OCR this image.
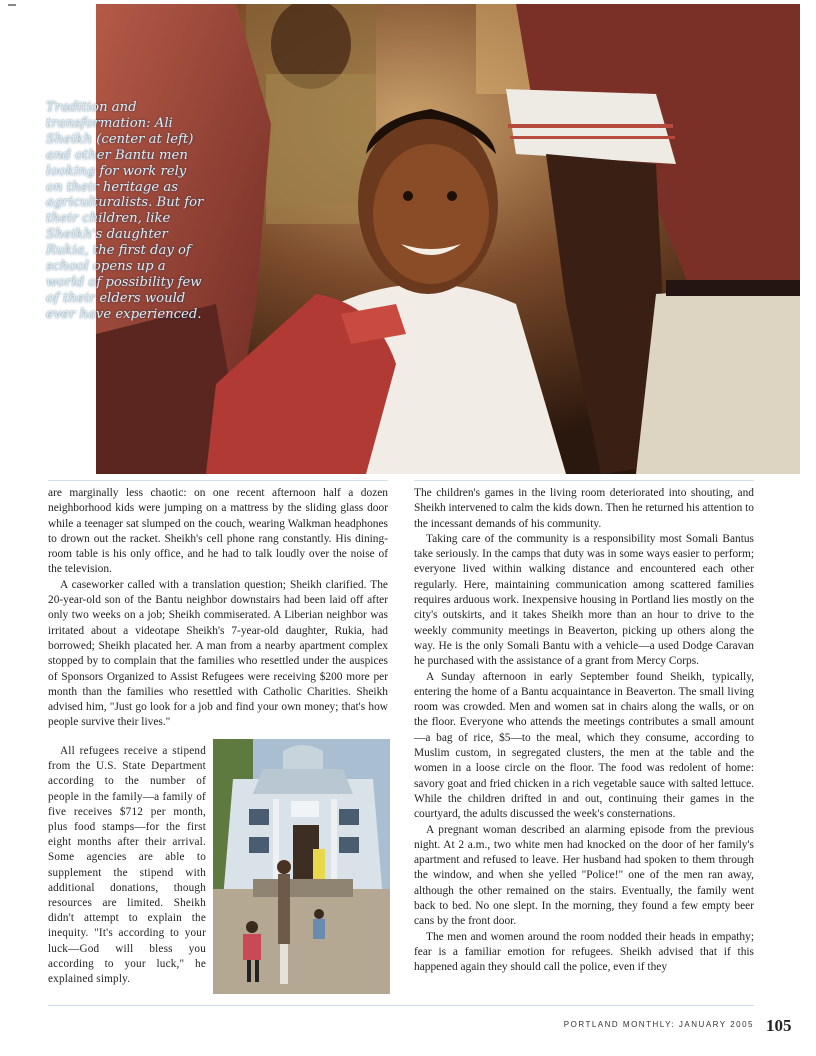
Tradition and transformation: Ali Sheikh (center at left) and other Bantu men looking for work rely on their heritage as agriculturalists. But for their children, like Sheikh's daughter Rukia, the first day of school opens up a world of possibility few of their elders would ever have experienced.

are marginally less chaotic: on one recent afternoon half a dozen neighborhood kids were jumping on a mattress by the sliding glass door while a teenager sat slumped on the couch, wearing Walkman headphones to drown out the racket. Sheikh's cell phone rang constantly. His dining-room table is his only office, and he had to talk loudly over the noise of the television.

A caseworker called with a translation question; Sheikh clarified. The 20-year-old son of the Bantu neighbor downstairs had been laid off after only two weeks on a job; Sheikh commiserated. A Liberian neighbor was irritated about a videotape Sheikh's 7-year-old daughter, Rukia, had borrowed; Sheikh placated her. A man from a nearby apartment complex stopped by to complain that the families who resettled under the auspices of Sponsors Organized to Assist Refugees were receiving $200 more per month than the families who resettled with Catholic Charities. Sheikh advised him, "Just go look for a job and find your own money; that's how people survive their lives."

All refugees receive a stipend from the U.S. State Department according to the number of people in the family—a family of five receives $712 per month, plus food stamps—for the first eight months after their arrival. Some agencies are able to supplement the stipend with additional donations, though resources are limited. Sheikh didn't attempt to explain the inequity. "It's according to your luck—God will bless you according to your luck," he explained simply.

The children's games in the living room deteriorated into shouting, and Sheikh intervened to calm the kids down. Then he returned his attention to the incessant demands of his community.

Taking care of the community is a responsibility most Somali Bantus take seriously. In the camps that duty was in some ways easier to perform; everyone lived within walking distance and encountered each other regularly. Here, maintaining communication among scattered families requires arduous work. Inexpensive housing in Portland lies mostly on the city's outskirts, and it takes Sheikh more than an hour to drive to the weekly community meetings in Beaverton, picking up others along the way. He is the only Somali Bantu with a vehicle—a used Dodge Caravan he purchased with the assistance of a grant from Mercy Corps.

A Sunday afternoon in early September found Sheikh, typically, entering the home of a Bantu acquaintance in Beaverton. The small living room was crowded. Men and women sat in chairs along the walls, or on the floor. Everyone who attends the meetings contributes a small amount—a bag of rice, $5—to the meal, which they consume, according to Muslim custom, in segregated clusters, the men at the table and the women in a loose circle on the floor. The food was redolent of home: savory goat and fried chicken in a rich vegetable sauce with salted lettuce. While the children drifted in and out, continuing their games in the courtyard, the adults discussed the week's consternations.

A pregnant woman described an alarming episode from the previous night. At 2 a.m., two white men had knocked on the door of her family's apartment and refused to leave. Her husband had spoken to them through the window, and when she yelled "Police!" one of the men ran away, although the other remained on the stairs. Eventually, the family went back to bed. No one slept. In the morning, they found a few empty beer cans by the front door.

The men and women around the room nodded their heads in empathy; fear is a familiar emotion for refugees. Sheikh advised that if this happened again they should call the police, even if they

PORTLAND MONTHLY: JANUARY 2005 105
